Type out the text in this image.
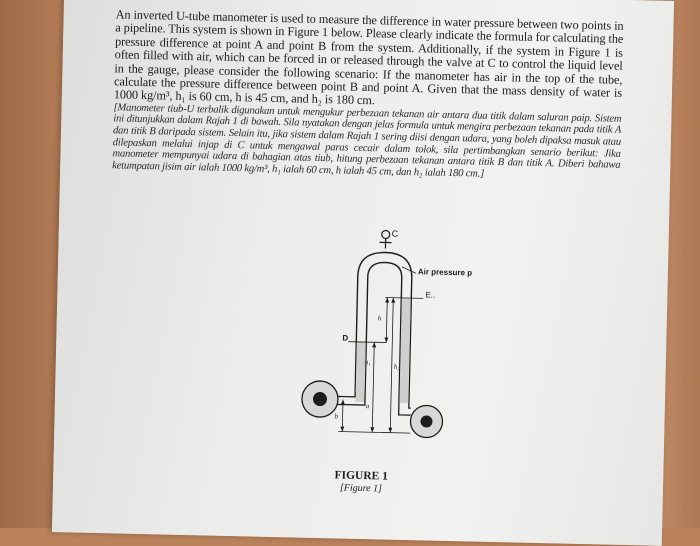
An inverted U-tube manometer is used to measure the difference in water pressure between two points in a pipeline. This system is shown in Figure 1 below. Please clearly indicate the formula for calculating the pressure difference at point A and point B from the system. Additionally, if the system in Figure 1 is often filled with air, which can be forced in or released through the valve at C to control the liquid level in the gauge, please consider the following scenario: If the manometer has air in the top of the tube, calculate the pressure difference between point B and point A. Given that the mass density of water is 1000 kg/m³, h₁ is 60 cm, h is 45 cm, and h₂ is 180 cm.

[Manometer tiub-U terbalik digunakan untuk mengukur perbezaan tekanan air antara dua titik dalam saluran paip. Sistem ini ditunjukkan dalam Rajah 1 di bawah. Sila nyatakan dengan jelas formula untuk mengira perbezaan tekanan pada titik A dan titik B daripada sistem. Selain itu, jika sistem dalam Rajah 1 sering diisi dengan udara, yang boleh dipaksa masuk atau dilepaskan melalui injap di C untuk mengawal paras cecair dalam tolok, sila pertimbangkan senario berikut: Jika manometer mempunyai udara di bahagian atas tiub, hitung perbezaan tekanan antara titik B dan titik A. Diberi bahawa ketumpatan jisim air ialah 1000 kg/m³, h₁ ialah 60 cm, h ialah 45 cm, dan h₂ ialah 180 cm.]

C
Air pressure p
E..
h
D
h₁
h₂
a
b
FIGURE 1
[Figure 1]
